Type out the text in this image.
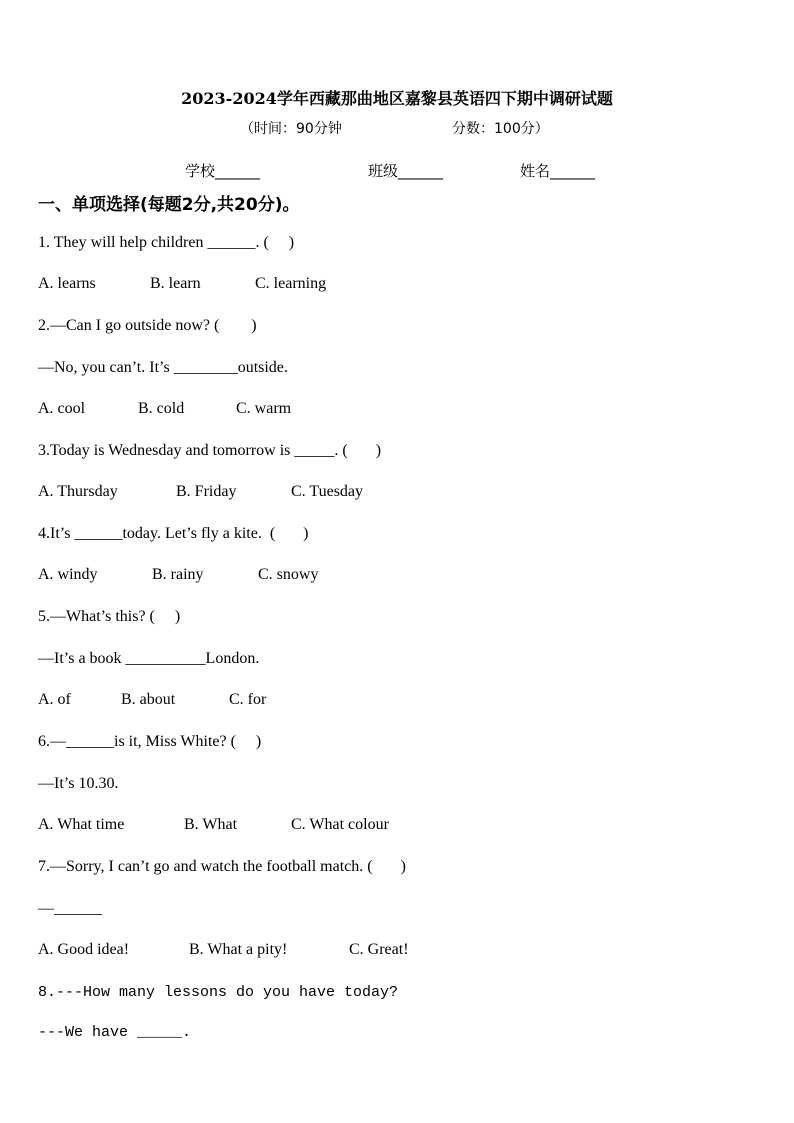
2023-2024学年西藏那曲地区嘉黎县英语四下期中调研试题
（时间：90分钟	分数：100分）
学校______	班级______	姓名______
一、单项选择(每题2分,共20分)。
1. They will help children ______. (     )
A. learns	B. learn	C. learning
2.—Can I go outside now? (        )
—No, you can’t. It’s ________outside.
A. cool	B. cold	C. warm
3.Today is Wednesday and tomorrow is _____. (       )
A. Thursday	B. Friday	C. Tuesday
4.It’s ______today. Let’s fly a kite.  (       )
A. windy	B. rainy	C. snowy
5.—What’s this? (     )
—It’s a book __________London.
A. of	B. about	C. for
6.—______is it, Miss White? (     )
—It’s 10.30.
A. What time	B. What	C. What colour
7.—Sorry, I can’t go and watch the football match. (       )
—______
A. Good idea!	B. What a pity!	C. Great!
8.---How many lessons do you have today?
---We have _____.
